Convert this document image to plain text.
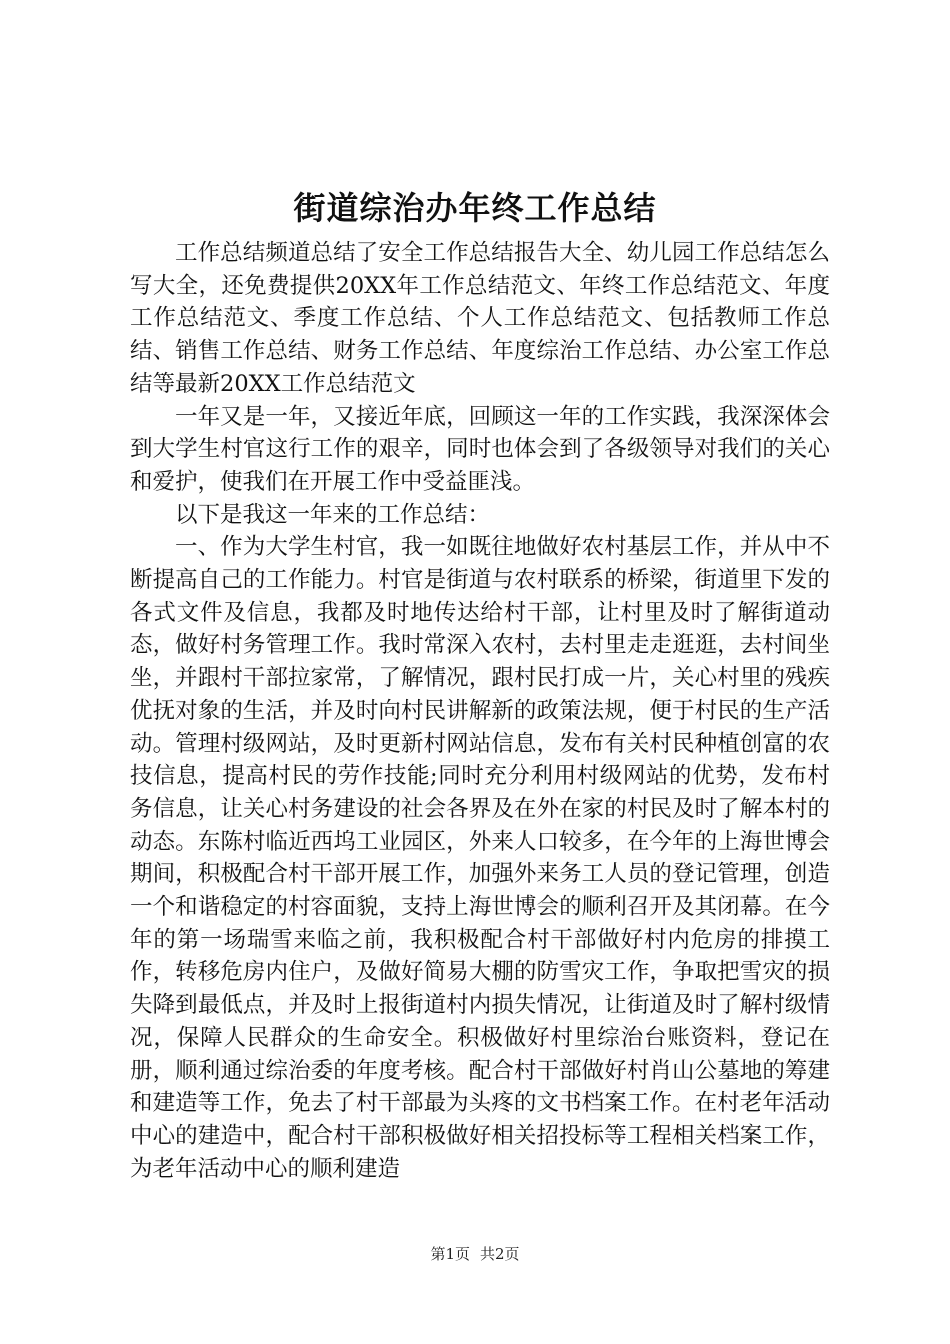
街道综治办年终工作总结

工作总结频道总结了安全工作总结报告大全、幼儿园工作总结怎么写大全，还免费提供20XX年工作总结范文、年终工作总结范文、年度工作总结范文、季度工作总结、个人工作总结范文、包括教师工作总结、销售工作总结、财务工作总结、年度综治工作总结、办公室工作总结等最新20XX工作总结范文

一年又是一年，又接近年底，回顾这一年的工作实践，我深深体会到大学生村官这行工作的艰辛，同时也体会到了各级领导对我们的关心和爱护，使我们在开展工作中受益匪浅。

以下是我这一年来的工作总结：

一、作为大学生村官，我一如既往地做好农村基层工作，并从中不断提高自己的工作能力。村官是街道与农村联系的桥梁，街道里下发的各式文件及信息，我都及时地传达给村干部，让村里及时了解街道动态，做好村务管理工作。我时常深入农村，去村里走走逛逛，去村间坐坐，并跟村干部拉家常，了解情况，跟村民打成一片，关心村里的残疾优抚对象的生活，并及时向村民讲解新的政策法规，便于村民的生产活动。管理村级网站，及时更新村网站信息，发布有关村民种植创富的农技信息，提高村民的劳作技能;同时充分利用村级网站的优势，发布村务信息，让关心村务建设的社会各界及在外在家的村民及时了解本村的动态。东陈村临近西坞工业园区，外来人口较多，在今年的上海世博会期间，积极配合村干部开展工作，加强外来务工人员的登记管理，创造一个和谐稳定的村容面貌，支持上海世博会的顺利召开及其闭幕。在今年的第一场瑞雪来临之前，我积极配合村干部做好村内危房的排摸工作，转移危房内住户，及做好简易大棚的防雪灾工作，争取把雪灾的损失降到最低点，并及时上报街道村内损失情况，让街道及时了解村级情况，保障人民群众的生命安全。积极做好村里综治台账资料，登记在册，顺利通过综治委的年度考核。配合村干部做好村肖山公墓地的筹建和建造等工作，免去了村干部最为头疼的文书档案工作。在村老年活动中心的建造中，配合村干部积极做好相关招投标等工程相关档案工作，为老年活动中心的顺利建造

第1页 共2页
